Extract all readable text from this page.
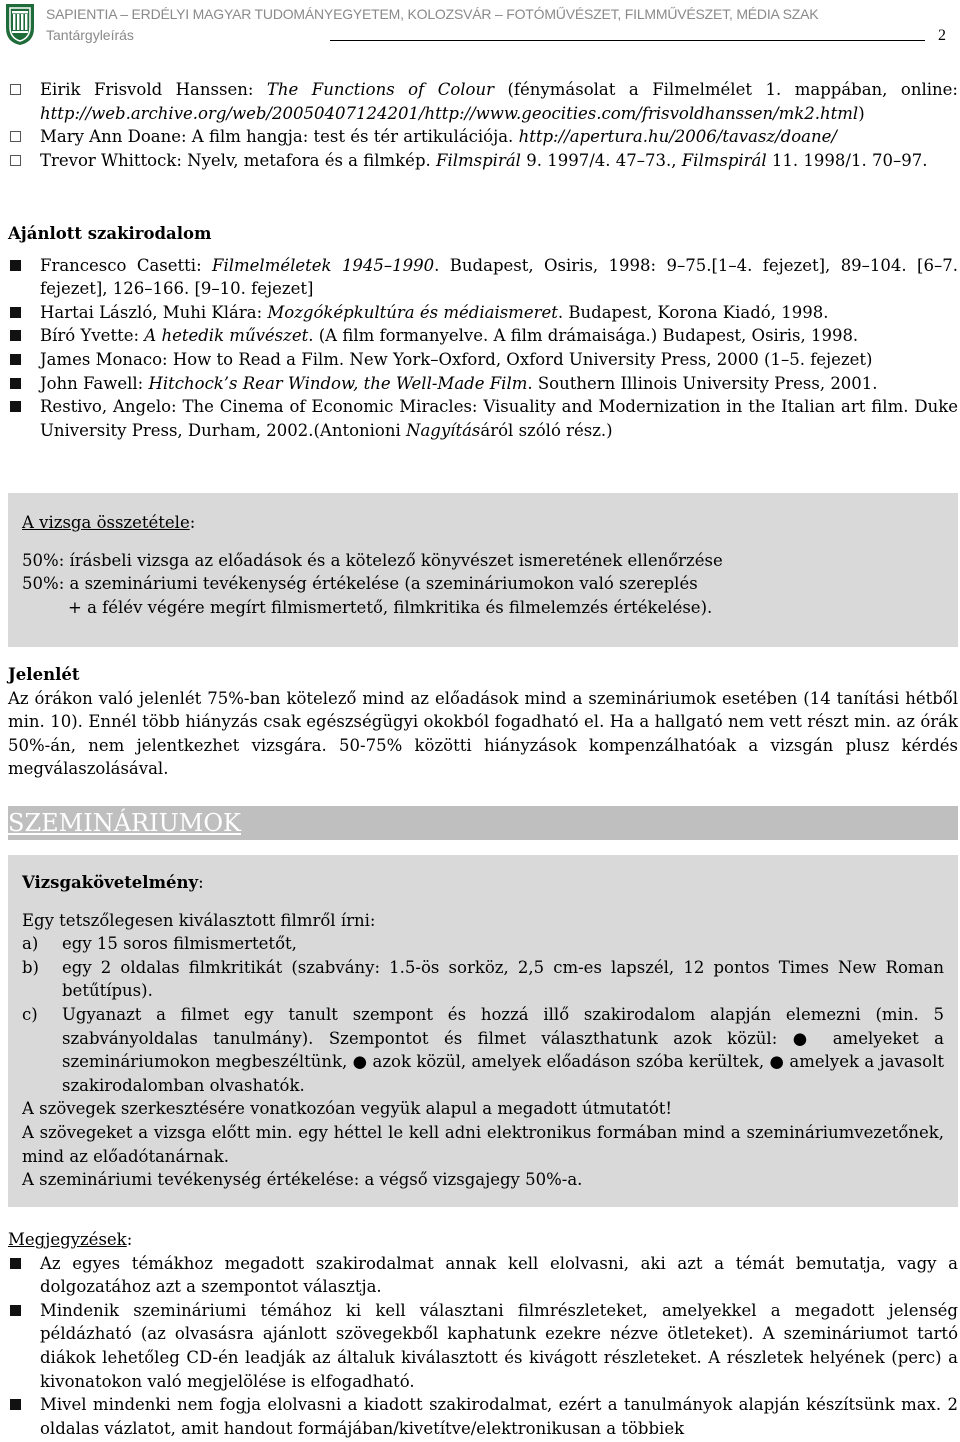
SAPIENTIA – ERDÉLYI MAGYAR TUDOMÁNYEGYETEM, KOLOZSVÁR – FOTÓMŰVÉSZET, FILMMŰVÉSZET, MÉDIA SZAK
Tantárgyleírás	2
Eirik Frisvold Hanssen: The Functions of Colour (fénymásolat a Filmelmélet 1. mappában, online: http://web.archive.org/web/20050407124201/http://www.geocities.com/frisvoldhanssen/mk2.html)
Mary Ann Doane: A film hangja: test és tér artikulációja. http://apertura.hu/2006/tavasz/doane/
Trevor Whittock: Nyelv, metafora és a filmkép. Filmspirál 9. 1997/4. 47–73., Filmspirál 11. 1998/1. 70–97.
Ajánlott szakirodalom
Francesco Casetti: Filmelméletek 1945–1990. Budapest, Osiris, 1998: 9–75.[1–4. fejezet], 89–104. [6–7. fejezet], 126–166. [9–10. fejezet]
Hartai László, Muhi Klára: Mozgóképkultúra és médiaismeret. Budapest, Korona Kiadó, 1998.
Bíró Yvette: A hetedik művészet. (A film formanyelve. A film drámaisága.) Budapest, Osiris, 1998.
James Monaco: How to Read a Film. New York–Oxford, Oxford University Press, 2000 (1–5. fejezet)
John Fawell: Hitchock’s Rear Window, the Well-Made Film. Southern Illinois University Press, 2001.
Restivo, Angelo: The Cinema of Economic Miracles: Visuality and Modernization in the Italian art film. Duke University Press, Durham, 2002.(Antonioni Nagyításáról szóló rész.)
A vizsga összetétele:
50%: írásbeli vizsga az előadások és a kötelező könyvészet ismeretének ellenőrzése
50%: a szemináriumi tevékenység értékelése (a szemináriumokon való szereplés
+ a félév végére megírt filmismertető, filmkritika és filmelemzés értékelése).
Jelenlét
Az órákon való jelenlét 75%-ban kötelező mind az előadások mind a szemináriumok esetében (14 tanítási hétből min. 10). Ennél több hiányzás csak egészségügyi okokból fogadható el. Ha a hallgató nem vett részt min. az órák 50%-án, nem jelentkezhet vizsgára. 50-75% közötti hiányzások kompenzálhatóak a vizsgán plusz kérdés megválaszolásával.
SZEMINÁRIUMOK
Vizsgakövetelmény:
Egy tetszőlegesen kiválasztott filmről írni:
a)	egy 15 soros filmismertetőt,
b)	egy 2 oldalas filmkritikát (szabvány: 1.5-ös sorköz, 2,5 cm-es lapszél, 12 pontos Times New Roman betűtípus).
c)	Ugyanazt a filmet egy tanult szempont és hozzá illő szakirodalom alapján elemezni (min. 5 szabványoldalas tanulmány). Szempontot és filmet választhatunk azok közül: ● amelyeket a szemináriumokon megbeszéltünk, ● azok közül, amelyek előadáson szóba kerültek, ● amelyek a javasolt szakirodalomban olvashatók.
A szövegek szerkesztésére vonatkozóan vegyük alapul a megadott útmutatót!
A szövegeket a vizsga előtt min. egy héttel le kell adni elektronikus formában mind a szemináriumvezetőnek, mind az előadótanárnak.
A szemináriumi tevékenység értékelése: a végső vizsgajegy 50%-a.
Megjegyzések:
Az egyes témákhoz megadott szakirodalmat annak kell elolvasni, aki azt a témát bemutatja, vagy a dolgozatához azt a szempontot választja.
Mindenik szemináriumi témához ki kell választani filmrészleteket, amelyekkel a megadott jelenség példázható (az olvasásra ajánlott szövegekből kaphatunk ezekre nézve ötleteket). A szemináriumot tartó diákok lehetőleg CD-én leadják az általuk kiválasztott és kivágott részleteket. A részletek helyének (perc) a kivonatokon való megjelölése is elfogadható.
Mivel mindenki nem fogja elolvasni a kiadott szakirodalmat, ezért a tanulmányok alapján készítsünk max. 2 oldalas vázlatot, amit handout formájában/kivetítve/elektronikusan a többiek
